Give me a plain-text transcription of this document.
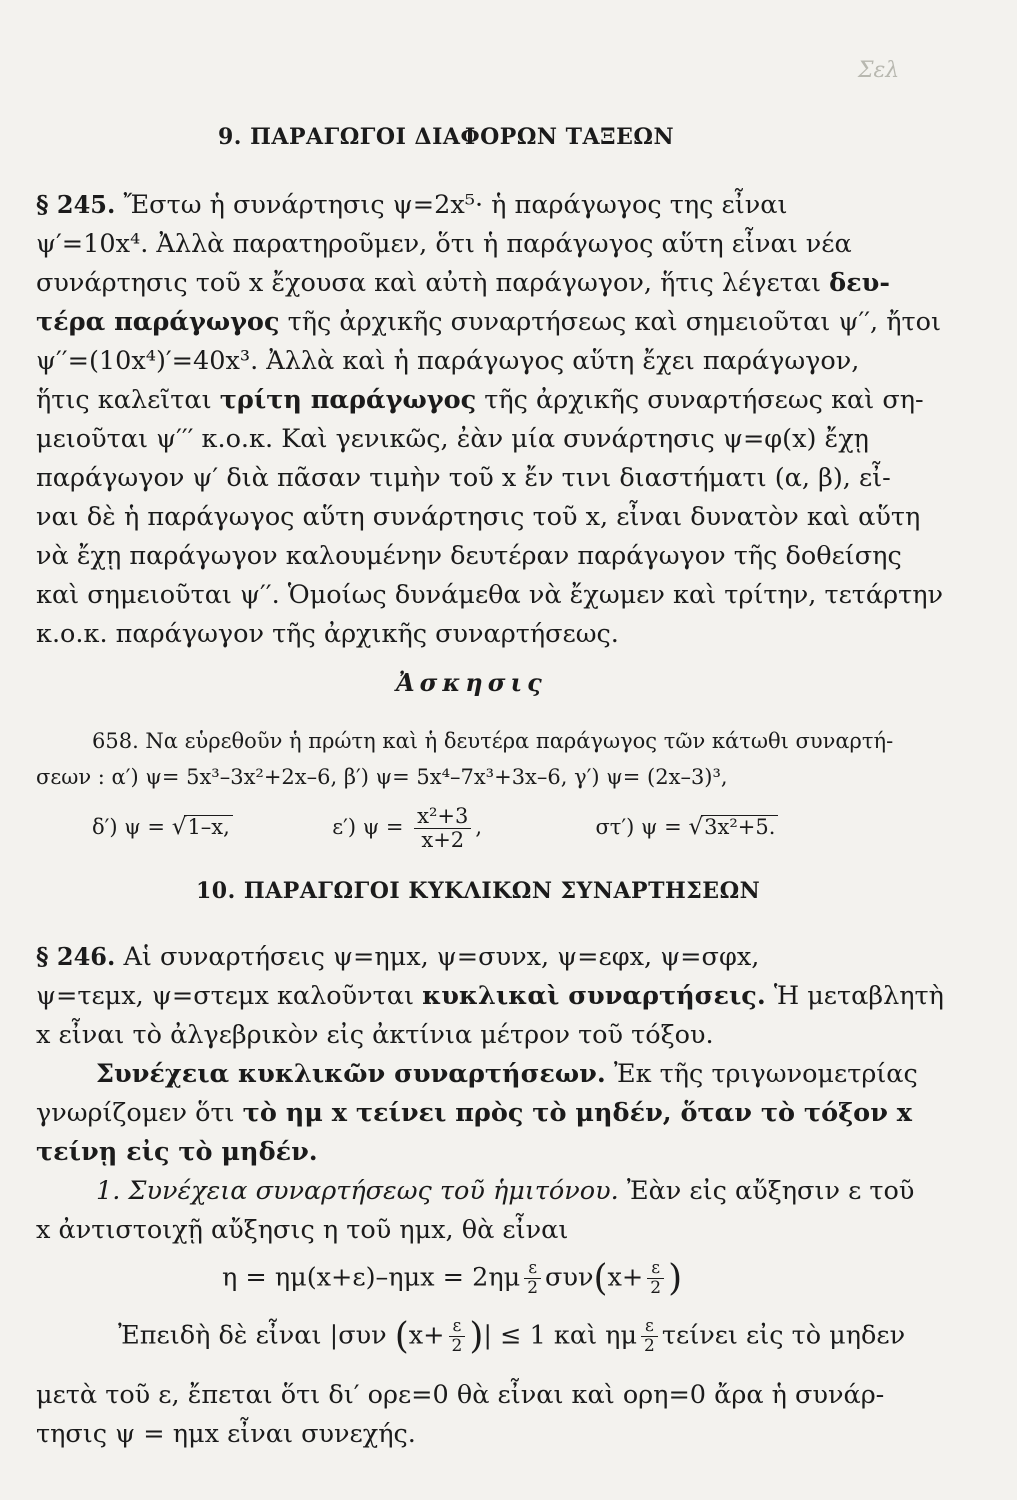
Σελ
9. ΠΑΡΑΓΩΓΟΙ ΔΙΑΦΟΡΩΝ ΤΑΞΕΩΝ
§ 245. Ἔστω ἡ συνάρτησις ψ=2x⁵· ἡ παράγωγος της εἶναι
ψ′=10x⁴. Ἀλλὰ παρατηροῦμεν, ὅτι ἡ παράγωγος αὕτη εἶναι νέα
συνάρτησις τοῦ x ἔχουσα καὶ αὐτὴ παράγωγον, ἥτις λέγεται δευ-
τέρα παράγωγος τῆς ἀρχικῆς συναρτήσεως καὶ σημειοῦται ψ′′, ἤτοι
ψ′′=(10x⁴)′=40x³. Ἀλλὰ καὶ ἡ παράγωγος αὕτη ἔχει παράγωγον,
ἥτις καλεῖται τρίτη παράγωγος τῆς ἀρχικῆς συναρτήσεως καὶ ση-
μειοῦται ψ′′′ κ.ο.κ. Καὶ γενικῶς, ἐὰν μία συνάρτησις ψ=φ(x) ἔχῃ
παράγωγον ψ′ διὰ πᾶσαν τιμὴν τοῦ x ἔν τινι διαστήματι (α, β), εἶ-
ναι δὲ ἡ παράγωγος αὕτη συνάρτησις τοῦ x, εἶναι δυνατὸν καὶ αὕτη
νὰ ἔχῃ παράγωγον καλουμένην δευτέραν παράγωγον τῆς δοθείσης
καὶ σημειοῦται ψ′′. Ὁμοίως δυνάμεθα νὰ ἔχωμεν καὶ τρίτην, τετάρτην
κ.ο.κ. παράγωγον τῆς ἀρχικῆς συναρτήσεως.
Ἀσκησις
658. Να εὑρεθοῦν ἡ πρώτη καὶ ἡ δευτέρα παράγωγος τῶν κάτωθι συναρτή-
σεων : α′) ψ= 5x³–3x²+2x–6, β′) ψ= 5x⁴–7x³+3x–6, γ′) ψ= (2x–3)³,
δ′) ψ = √1–x,	ε′) $\psi = \frac{\text{x²+3}}{x+2}$ ,	στ′) ψ = √3x²+5.
10. ΠΑΡΑΓΩΓΟΙ ΚΥΚΛΙΚΩΝ ΣΥΝΑΡΤΗΣΕΩΝ
§ 246. Αἱ συναρτήσεις ψ=ημx, ψ=συνx, ψ=εφx, ψ=σφx,
ψ=τεμx, ψ=στεμx καλοῦνται κυκλικαὶ συναρτήσεις. Ἡ μεταβλητὴ
x εἶναι τὸ ἀλγεβρικὸν εἰς ἀκτίνια μέτρον τοῦ τόξου.
Συνέχεια κυκλικῶν συναρτήσεων. Ἐκ τῆς τριγωνομετρίας
γνωρίζομεν ὅτι τὸ ημ x τείνει πρὸς τὸ μηδέν, ὅταν τὸ τόξον x
τείνῃ εἰς τὸ μηδέν.
1. Συνέχεια συναρτήσεως τοῦ ἡμιτόνου. Ἐὰν εἰς αὔξησιν ε τοῦ
x ἀντιστοιχῇ αὔξησις η τοῦ ημx, θὰ εἶναι
$\eta = \eta\mu(x+\varepsilon)-\eta\mu x = 2\eta\mu \frac{\varepsilon}{2} \sigma\upsilon\nu(x+ \frac{\varepsilon}{2}$ )
Ἐπειδὴ δὲ εἶναι |συν ($x+ \frac{\varepsilon}{2}$ )| ≤ 1 καὶ ημ $\frac{\varepsilon}{2}$ τείνει εἰς τὸ μηδεν
μετὰ τοῦ ε, ἔπεται ὅτι δι′ ορε=0 θὰ εἶναι καὶ ορη=0 ἄρα ἡ συνάρ-
τησις ψ = ημx εἶναι συνεχής.
